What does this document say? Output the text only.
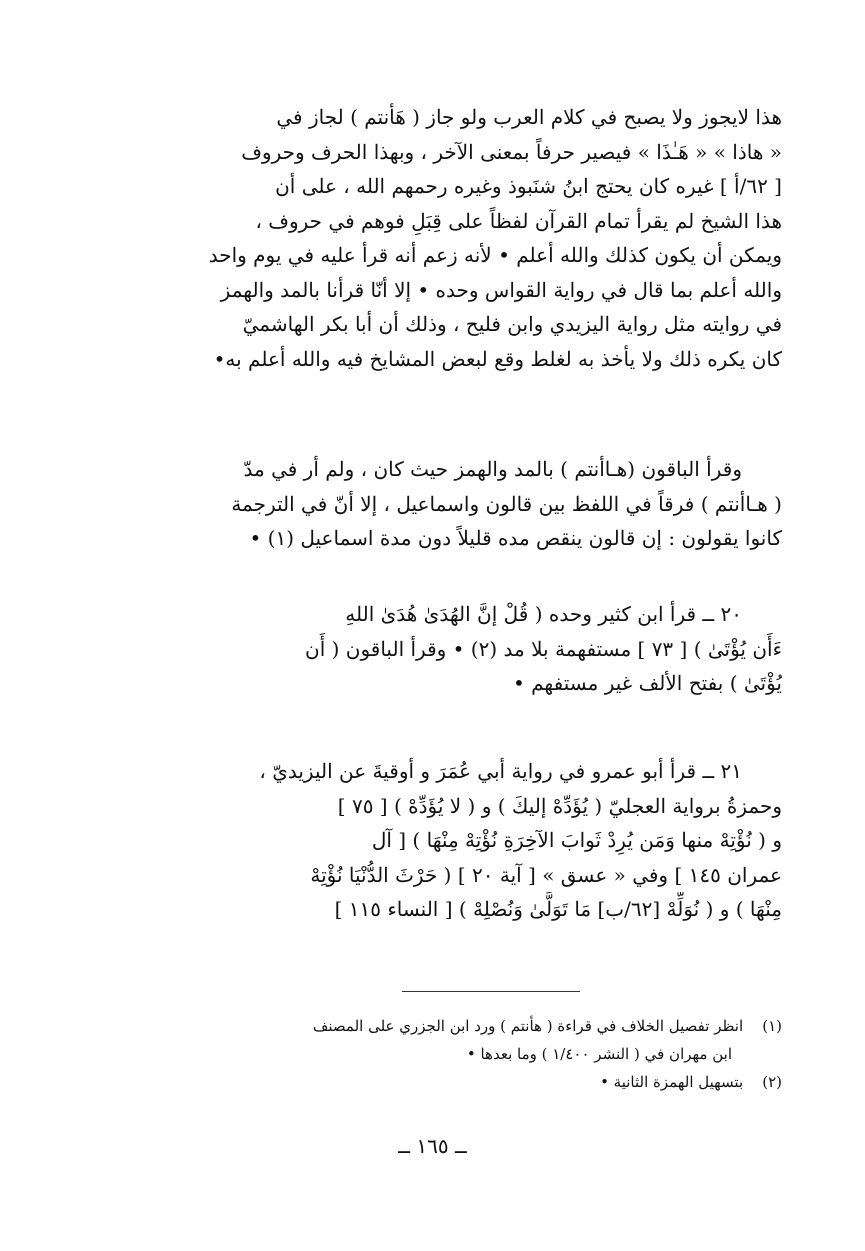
هذا لايجوز ولا يصبح في كلام العرب ولو جاز ( هَأنتم ) لجاز في
« هاذا » « هَـٰذَا » فيصير حرفاً بمعنى الآخر ، وبهذا الحرف وحروف
[ ٦٢/أ ] غيره كان يحتج ابنُ شنَبوذ وغيره رحمهم الله ، على أن
هذا الشيخ لم يقرأ تمام القرآن لفظاً على قِبَلِ فوهم في حروف ،
ويمكن أن يكون كذلك والله أعلم • لأنه زعم أنه قرأ عليه في يوم واحد
والله أعلم بما قال في رواية القواس وحده • إلا أنّا قرأنا بالمد والهمز
في روايته مثل رواية اليزيدي وابن فليح ، وذلك أن أبا بكر الهاشميّ
كان يكره ذلك ولا يأخذ به لغلط وقع لبعض المشايخ فيه والله أعلم به•
وقرأ الباقون (هـاأنتم ) بالمد والهمز حيث كان ، ولم أر في مدّ
( هـاأنتم ) فرقاً في اللفظ بين قالون واسماعيل ، إلا أنّ في الترجمة
كانوا يقولون : إن قالون ينقص مده قليلاً دون مدة اسماعيل (١) •
٢٠ ــ قرأ ابن كثير وحده ( قُلْ إنَّ الهُدَىٰ هُدَىٰ اللهِ
ءَأَن يُؤْتَىٰ ) [ ٧٣ ] مستفهمة بلا مد (٢) • وقرأ الباقون ( أَن
يُؤْتَىٰ ) بفتح الألف غير مستفهم •
٢١ ــ قرأ أبو عمرو في رواية أبي عُمَرَ و أوقيةَ عن اليزيديّ ،
وحمزةُ برواية العجليّ ( يُؤَدِّهْ إليكَ ) و ( لا يُؤَدِّهْ ) [ ٧٥ ]
و ( نُؤْتِهْ منها وَمَن يُرِدْ ثَوابَ الآخِرَةِ نُؤْتِهْ مِنْهَا ) [ آل
عمران ١٤٥ ] وفي « عسق » [ آية ٢٠ ] ( حَرْثَ الدُّنْيَا نُؤْتِهْ
مِنْهَا ) و ( نُوَلِّهْ [٦٢/ب] مَا تَوَلَّىٰ وَنُصْلِهْ ) [ النساء ١١٥ ]
(١)    انظر تفصيل الخلاف في قراءة ( هأنتم ) ورد ابن الجزري على المصنف
ابن مهران في ( النشر ١/٤٠٠ ) وما بعدها •
(٢)    بتسهيل الهمزة الثانية •
ــ ١٦٥ ــ
